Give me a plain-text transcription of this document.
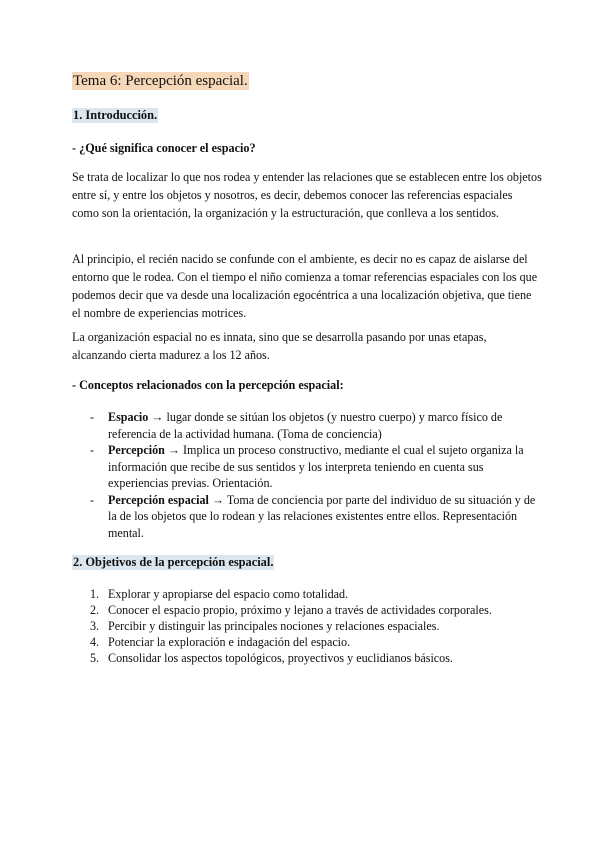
Tema 6: Percepción espacial.
1. Introducción.
- ¿Qué significa conocer el espacio?

Se trata de localizar lo que nos rodea y entender las relaciones que se establecen entre los objetos entre sí, y entre los objetos y nosotros, es decir, debemos conocer las referencias espaciales como son la orientación, la organización y la estructuración, que conlleva a los sentidos.

Al principio, el recién nacido se confunde con el ambiente, es decir no es capaz de aislarse del entorno que le rodea. Con el tiempo el niño comienza a tomar referencias espaciales con los que podemos decir que va desde una localización egocéntrica a una localización objetiva, que tiene el nombre de experiencias motrices.

La organización espacial no es innata, sino que se desarrolla pasando por unas etapas, alcanzando cierta madurez a los 12 años.

- Conceptos relacionados con la percepción espacial:
- Espacio → lugar donde se sitúan los objetos (y nuestro cuerpo) y marco físico de referencia de la actividad humana. (Toma de conciencia)
- Percepción → Implica un proceso constructivo, mediante el cual el sujeto organiza la información que recibe de sus sentidos y los interpreta teniendo en cuenta sus experiencias previas. Orientación.
- Percepción espacial → Toma de conciencia por parte del individuo de su situación y de la de los objetos que lo rodean y las relaciones existentes entre ellos. Representación mental.
2. Objetivos de la percepción espacial.
1. Explorar y apropiarse del espacio como totalidad.
2. Conocer el espacio propio, próximo y lejano a través de actividades corporales.
3. Percibir y distinguir las principales nociones y relaciones espaciales.
4. Potenciar la exploración e indagación del espacio.
5. Consolidar los aspectos topológicos, proyectivos y euclidianos básicos.
